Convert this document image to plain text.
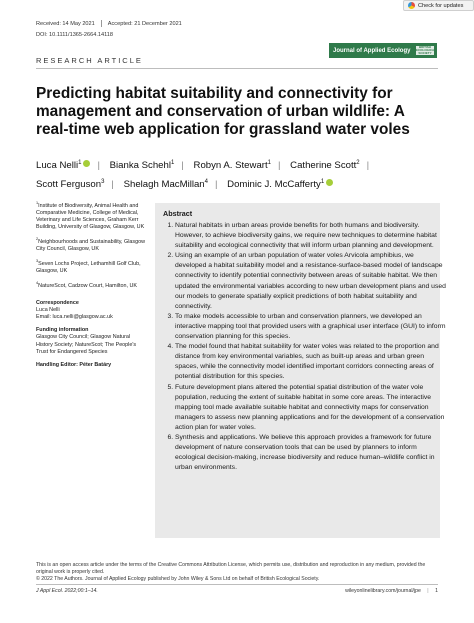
Received: 14 May 2021 Accepted: 21 December 2021
DOI: 10.1111/1365-2664.14118
Check for updates
Journal of Applied Ecology
BRITISH ECOLOGICAL SOCIETY
RESEARCH ARTICLE
Predicting habitat suitability and connectivity for management and conservation of urban wildlife: A real-time web application for grassland water voles
Luca Nelli$^1$ | Bianka Schehl$^1$ | Robyn A. Stewart$^1$ | Catherine Scott$^2$ |
Scott Ferguson$^3$ | Shelagh MacMillan$^4$ | Dominic J. McCafferty$^1$

$^1$Institute of Biodiversity, Animal Health and Comparative Medicine, College of Medical, Veterinary and Life Sciences, Graham Kerr Building, University of Glasgow, Glasgow, UK

$^2$Neighbourhoods and Sustainability, Glasgow City Council, Glasgow, UK

$^3$Seven Lochs Project, Lethamhill Golf Club, Glasgow, UK

$^4$NatureScot, Cadzow Court, Hamilton, UK

Correspondence
Luca Nelli
Email: luca.nelli@glasgow.ac.uk
Funding information
Glasgow City Council; Glasgow Natural History Society; NatureScot; The People's Trust for Endangered Species
Handling Editor: Péter Batáry
Abstract
1. Natural habitats in urban areas provide benefits for both humans and biodiversity. However, to achieve biodiversity gains, we require new techniques to determine habitat suitability and ecological connectivity that will inform urban planning and development.
2. Using an example of an urban population of water voles Arvicola amphibius, we developed a habitat suitability model and a resistance-surface-based model of landscape connectivity to identify potential connectivity between areas of suitable habitat. We then updated the environmental variables according to new urban development plans and used our models to generate spatially explicit predictions of both habitat suitability and connectivity.
3. To make models accessible to urban and conservation planners, we developed an interactive mapping tool that provided users with a graphical user interface (GUI) to inform conservation planning for this species.
4. The model found that habitat suitability for water voles was related to the proportion and distance from key environmental variables, such as built-up areas and urban green spaces, while the connectivity model identified important corridors connecting areas of potential distribution for this species.
5. Future development plans altered the potential spatial distribution of the water vole population, reducing the extent of suitable habitat in some core areas. The interactive mapping tool made available suitable habitat and connectivity maps for conservation managers to assess new planning applications and for the development of a conservation action plan for water voles.
6. Synthesis and applications. We believe this approach provides a framework for future development of nature conservation tools that can be used by planners to inform ecological decision-making, increase biodiversity and reduce human–wildlife conflict in urban environments.

This is an open access article under the terms of the Creative Commons Attribution License, which permits use, distribution and reproduction in any medium, provided the original work is properly cited.

© 2022 The Authors. Journal of Applied Ecology published by John Wiley & Sons Ltd on behalf of British Ecological Society.

J Appl Ecol. 2022;00:1–14.	wileyonlinelibrary.com/journal/jpe | 1
